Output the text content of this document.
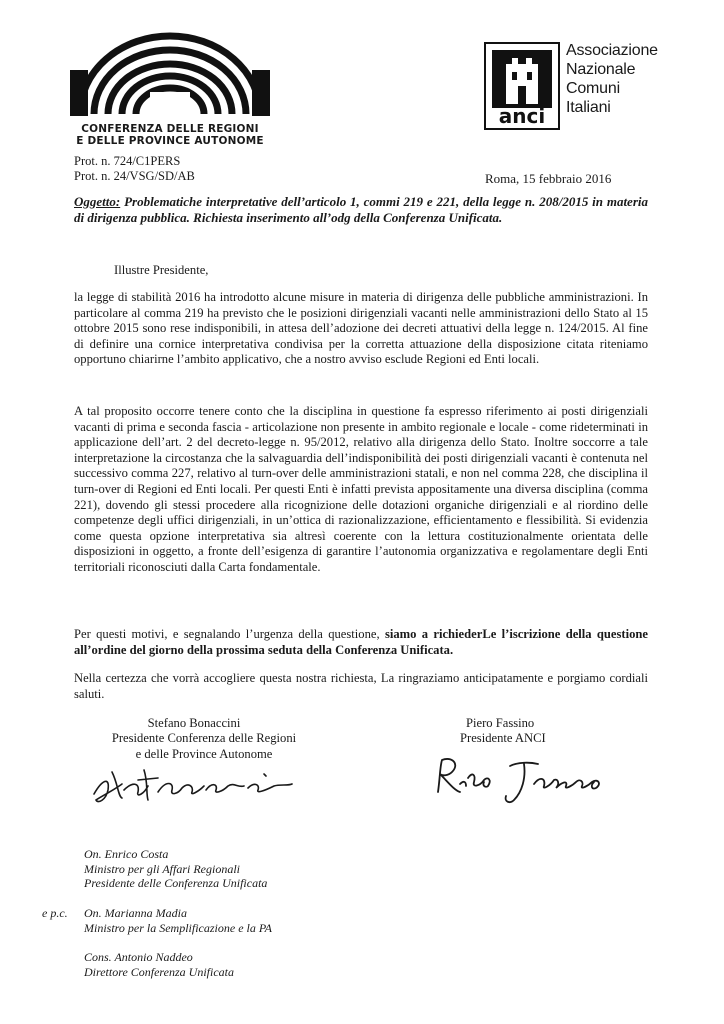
CONFERENZA DELLE REGIONI
E DELLE PROVINCE AUTONOME
anci
Associazione
Nazionale
Comuni
Italiani
Prot. n. 724/C1PERS
Prot. n. 24/VSG/SD/AB	Roma, 15 febbraio 2016
Oggetto: Problematiche interpretative dell’articolo 1, commi 219 e 221, della legge n. 208/2015 in materia di dirigenza pubblica. Richiesta inserimento all’odg della Conferenza Unificata.
Illustre Presidente,
la legge di stabilità 2016 ha introdotto alcune misure in materia di dirigenza delle pubbliche amministrazioni. In particolare al comma 219 ha previsto che le posizioni dirigenziali vacanti nelle amministrazioni dello Stato al 15 ottobre 2015 sono rese indisponibili, in attesa dell’adozione dei decreti attuativi della legge n. 124/2015. Al fine di definire una cornice interpretativa condivisa per la corretta attuazione della disposizione citata riteniamo opportuno chiarirne l’ambito applicativo, che a nostro avviso esclude Regioni ed Enti locali.
A tal proposito occorre tenere conto che la disciplina in questione fa espresso riferimento ai posti dirigenziali vacanti di prima e seconda fascia - articolazione non presente in ambito regionale e locale - come rideterminati in applicazione dell’art. 2 del decreto-legge n. 95/2012, relativo alla dirigenza dello Stato. Inoltre soccorre a tale interpretazione la circostanza che la salvaguardia dell’indisponibilità dei posti dirigenziali vacanti è contenuta nel successivo comma 227, relativo al turn-over delle amministrazioni statali, e non nel comma 228, che disciplina il turn-over di Regioni ed Enti locali. Per questi Enti è infatti prevista appositamente una diversa disciplina (comma 221), dovendo gli stessi procedere alla ricognizione delle dotazioni organiche dirigenziali e al riordino delle competenze degli uffici dirigenziali, in un’ottica di razionalizzazione, efficientamento e flessibilità. Si evidenzia come questa opzione interpretativa sia altresì coerente con la lettura costituzionalmente orientata delle disposizioni in oggetto, a fronte dell’esigenza di garantire l’autonomia organizzativa e regolamentare degli Enti territoriali riconosciuti dalla Carta fondamentale.
Per questi motivi, e segnalando l’urgenza della questione, siamo a richiederLe l’iscrizione della questione all’ordine del giorno della prossima seduta della Conferenza Unificata.
Nella certezza che vorrà accogliere questa nostra richiesta, La ringraziamo anticipatamente e porgiamo cordiali saluti.
Stefano Bonaccini
Presidente Conferenza delle Regioni
e delle Province Autonome
Piero Fassino
Presidente ANCI
On. Enrico Costa
Ministro per gli Affari Regionali
Presidente delle Conferenza Unificata
e p.c.	On. Marianna Madia
Ministro per la Semplificazione e la PA
Cons. Antonio Naddeo
Direttore Conferenza Unificata
